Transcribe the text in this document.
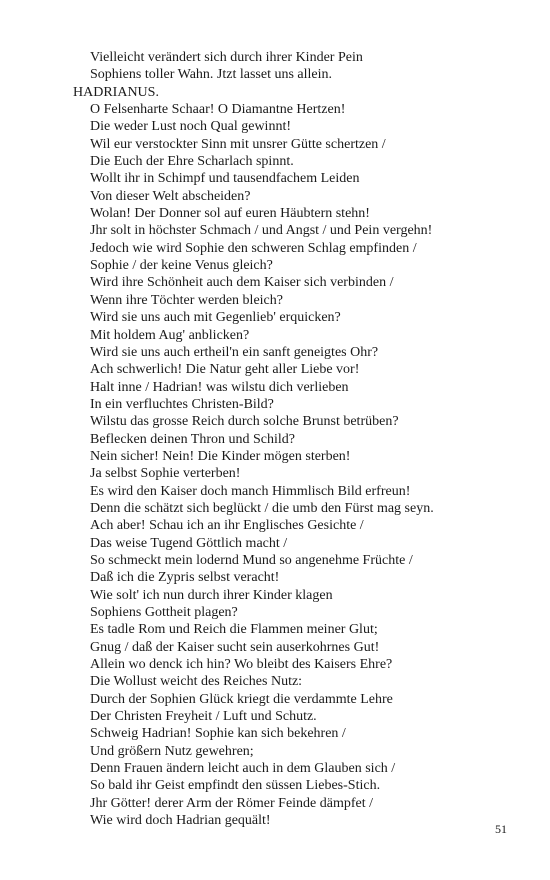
Vielleicht verändert sich durch ihrer Kinder Pein
Sophiens toller Wahn. Jtzt lasset uns allein.
HADRIANUS.
O Felsenharte Schaar! O Diamantne Hertzen!
Die weder Lust noch Qual gewinnt!
Wil eur verstockter Sinn mit unsrer Gütte schertzen /
Die Euch der Ehre Scharlach spinnt.
Wollt ihr in Schimpf und tausendfachem Leiden
Von dieser Welt abscheiden?
Wolan! Der Donner sol auf euren Häubtern stehn!
Jhr solt in höchster Schmach / und Angst / und Pein vergehn!
Jedoch wie wird Sophie den schweren Schlag empfinden /
Sophie / der keine Venus gleich?
Wird ihre Schönheit auch dem Kaiser sich verbinden /
Wenn ihre Töchter werden bleich?
Wird sie uns auch mit Gegenlieb' erquicken?
Mit holdem Aug' anblicken?
Wird sie uns auch ertheil'n ein sanft geneigtes Ohr?
Ach schwerlich! Die Natur geht aller Liebe vor!
Halt inne / Hadrian! was wilstu dich verlieben
In ein verfluchtes Christen-Bild?
Wilstu das grosse Reich durch solche Brunst betrüben?
Beflecken deinen Thron und Schild?
Nein sicher! Nein! Die Kinder mögen sterben!
Ja selbst Sophie verterben!
Es wird den Kaiser doch manch Himmlisch Bild erfreun!
Denn die schätzt sich beglückt / die umb den Fürst mag seyn.
Ach aber! Schau ich an ihr Englisches Gesichte /
Das weise Tugend Göttlich macht /
So schmeckt mein lodernd Mund so angenehme Früchte /
Daß ich die Zypris selbst veracht!
Wie solt' ich nun durch ihrer Kinder klagen
Sophiens Gottheit plagen?
Es tadle Rom und Reich die Flammen meiner Glut;
Gnug / daß der Kaiser sucht sein auserkohrnes Gut!
Allein wo denck ich hin? Wo bleibt des Kaisers Ehre?
Die Wollust weicht des Reiches Nutz:
Durch der Sophien Glück kriegt die verdammte Lehre
Der Christen Freyheit / Luft und Schutz.
Schweig Hadrian! Sophie kan sich bekehren /
Und größern Nutz gewehren;
Denn Frauen ändern leicht auch in dem Glauben sich /
So bald ihr Geist empfindt den süssen Liebes-Stich.
Jhr Götter! derer Arm der Römer Feinde dämpfet /
Wie wird doch Hadrian gequält!
51
